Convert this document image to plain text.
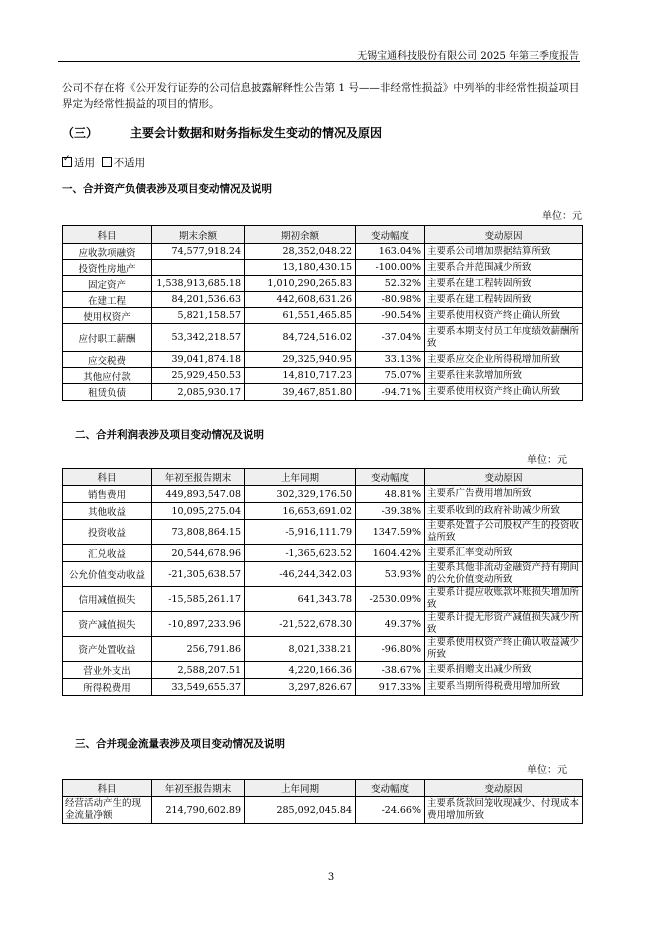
无锡宝通科技股份有限公司 2025 年第三季度报告
公司不存在将《公开发行证券的公司信息披露解释性公告第 1 号——非经常性损益》中列举的非经常性损益项目界定为经常性损益的项目的情形。
（三）	主要会计数据和财务指标发生变动的情况及原因
✓适用 不适用
一、合并资产负债表涉及项目变动情况及说明
单位：元
科目	期末余额	期初余额	变动幅度	变动原因
应收款项融资	74,577,918.24	28,352,048.22	163.04%	主要系公司增加票据结算所致
投资性房地产		13,180,430.15	-100.00%	主要系合并范围减少所致
固定资产	1,538,913,685.18	1,010,290,265.83	52.32%	主要系在建工程转固所致
在建工程	84,201,536.63	442,608,631.26	-80.98%	主要系在建工程转固所致
使用权资产	5,821,158.57	61,551,465.85	-90.54%	主要系使用权资产终止确认所致
应付职工薪酬	53,342,218.57	84,724,516.02	-37.04%	主要系本期支付员工年度绩效薪酬所致
应交税费	39,041,874.18	29,325,940.95	33.13%	主要系应交企业所得税增加所致
其他应付款	25,929,450.53	14,810,717.23	75.07%	主要系往来款增加所致
租赁负债	2,085,930.17	39,467,851.80	-94.71%	主要系使用权资产终止确认所致
二、合并利润表涉及项目变动情况及说明
单位：元
科目	年初至报告期末	上年同期	变动幅度	变动原因
销售费用	449,893,547.08	302,329,176.50	48.81%	主要系广告费用增加所致
其他收益	10,095,275.04	16,653,691.02	-39.38%	主要系收到的政府补助减少所致
投资收益	73,808,864.15	-5,916,111.79	1347.59%	主要系处置子公司股权产生的投资收益所致
汇兑收益	20,544,678.96	-1,365,623.52	1604.42%	主要系汇率变动所致
公允价值变动收益	-21,305,638.57	-46,244,342.03	53.93%	主要系其他非流动金融资产持有期间的公允价值变动所致
信用减值损失	-15,585,261.17	641,343.78	-2530.09%	主要系计提应收账款坏账损失增加所致
资产减值损失	-10,897,233.96	-21,522,678.30	49.37%	主要系计提无形资产减值损失减少所致
资产处置收益	256,791.86	8,021,338.21	-96.80%	主要系使用权资产终止确认收益减少所致
营业外支出	2,588,207.51	4,220,166.36	-38.67%	主要系捐赠支出减少所致
所得税费用	33,549,655.37	3,297,826.67	917.33%	主要系当期所得税费用增加所致
三、合并现金流量表涉及项目变动情况及说明
单位：元
科目	年初至报告期末	上年同期	变动幅度	变动原因
经营活动产生的现金流量净额	214,790,602.89	285,092,045.84	-24.66%	主要系货款回笼收现减少、付现成本费用增加所致
3
